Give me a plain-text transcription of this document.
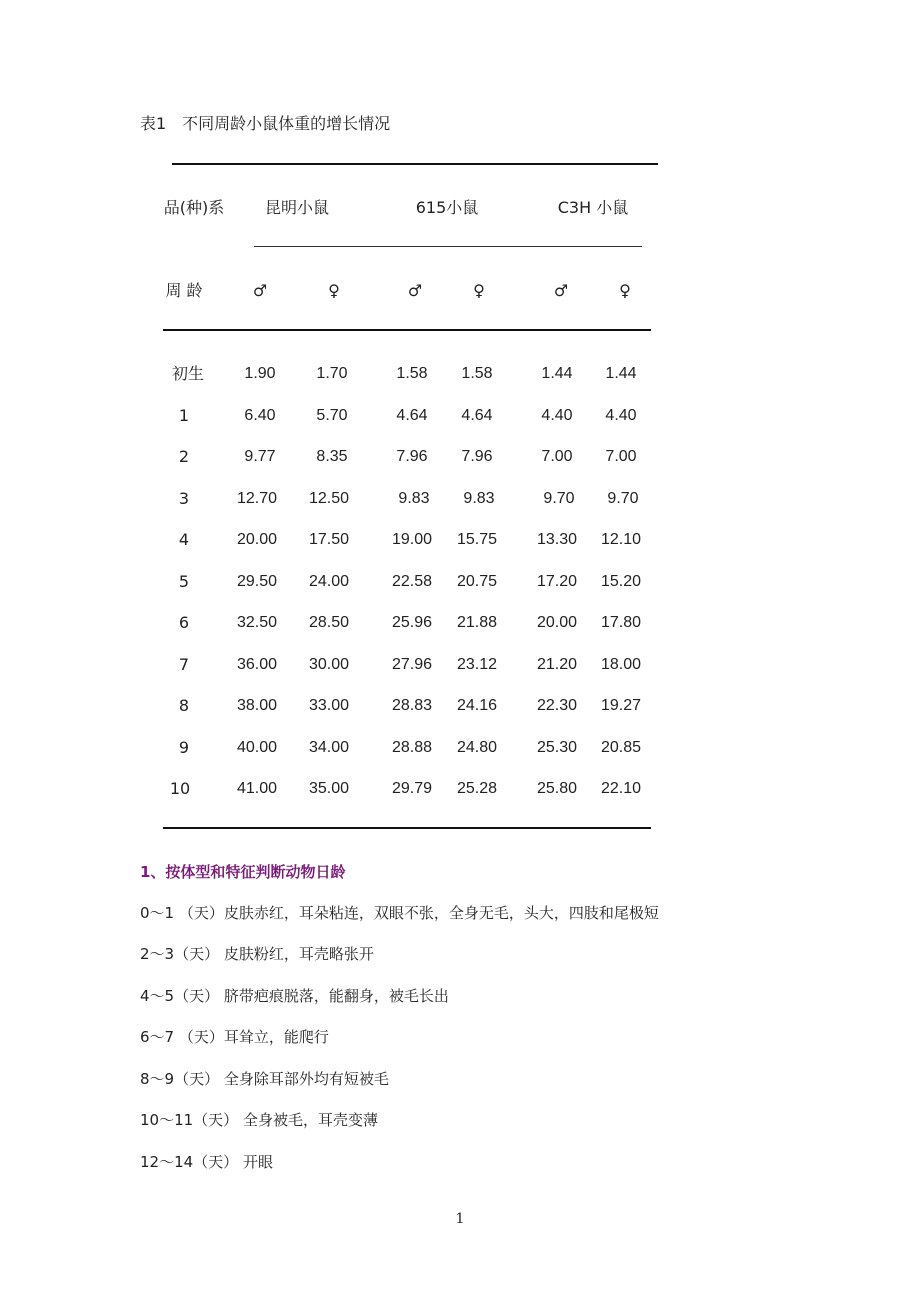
表1　不同周龄小鼠体重的增长情况
品(种)系	昆明小鼠	615小鼠	C3H 小鼠
周 龄	♂	♀	♂	♀	♂	♀
初生	1.90	1.70	1.58	1.58	1.44	1.44
1	6.40	5.70	4.64	4.64	4.40	4.40
2	9.77	8.35	7.96	7.96	7.00	7.00
3	12.70	12.50	9.83	9.83	9.70	9.70
4	20.00	17.50	19.00	15.75	13.30	12.10
5	29.50	24.00	22.58	20.75	17.20	15.20
6	32.50	28.50	25.96	21.88	20.00	17.80
7	36.00	30.00	27.96	23.12	21.20	18.00
8	38.00	33.00	28.83	24.16	22.30	19.27
9	40.00	34.00	28.88	24.80	25.30	20.85
10	41.00	35.00	29.79	25.28	25.80	22.10
1、按体型和特征判断动物日龄
0～1 （天）皮肤赤红，耳朵粘连，双眼不张，全身无毛，头大，四肢和尾极短
2～3（天） 皮肤粉红，耳壳略张开
4～5（天） 脐带疤痕脱落，能翻身，被毛长出
6～7 （天）耳耸立，能爬行
8～9（天） 全身除耳部外均有短被毛
10～11（天） 全身被毛，耳壳变薄
12～14（天） 开眼
1
